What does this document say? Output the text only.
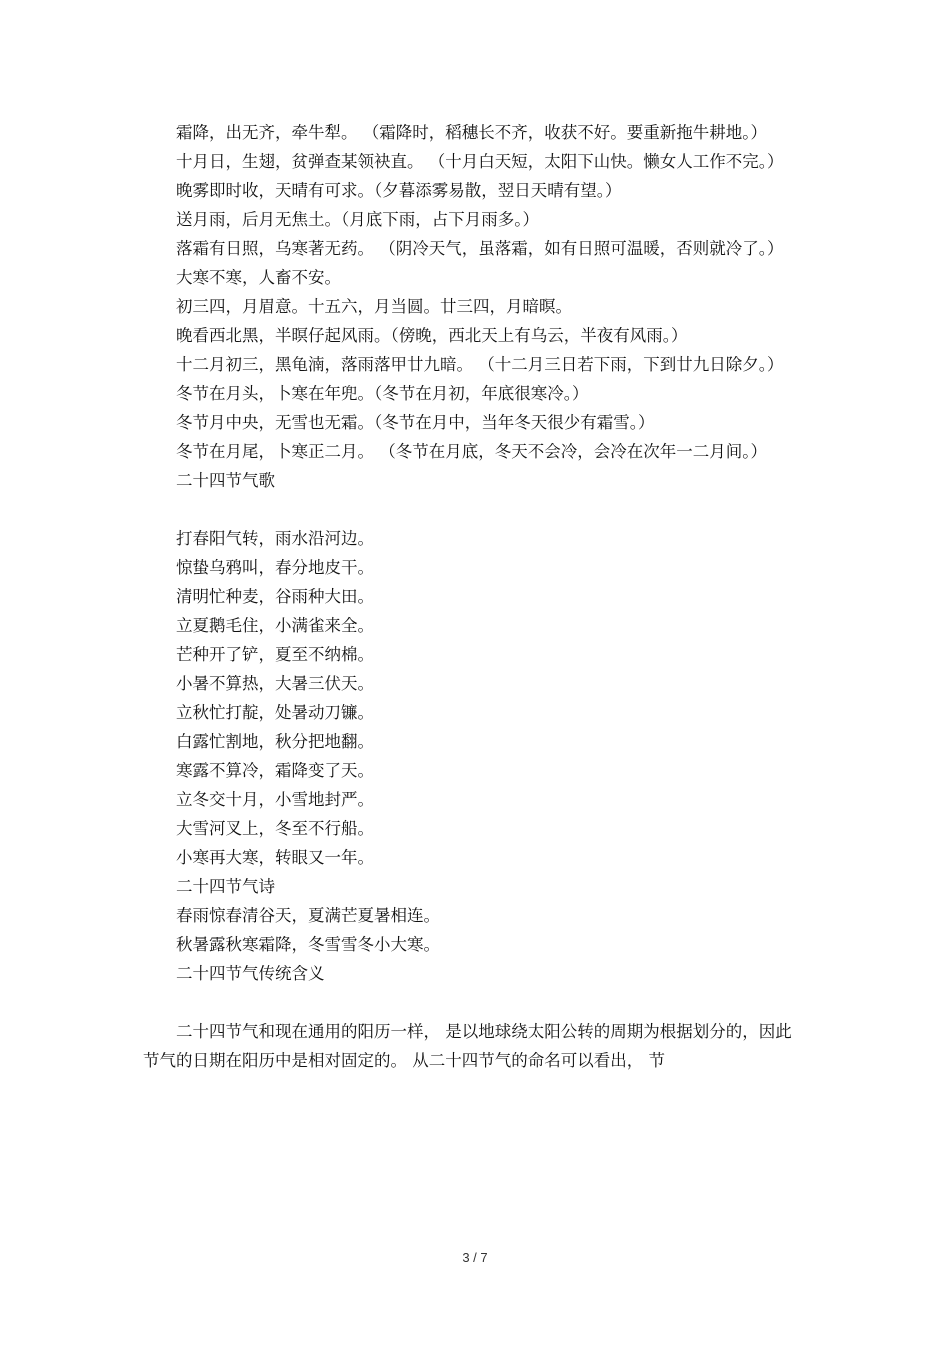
霜降，出无齐，牵牛犁。 （霜降时，稻穗长不齐，收获不好。要重新拖牛耕地。）

十月日，生翅，贫弹查某领袂直。 （十月白天短，太阳下山快。懒女人工作不完。）

晚雾即时收，天晴有可求。（夕暮添雾易散，翌日天晴有望。）

送月雨，后月无焦土。（月底下雨，占下月雨多。）

落霜有日照，乌寒著无药。 （阴冷天气，虽落霜，如有日照可温暖，否则就冷了。）

大寒不寒，人畜不安。

初三四，月眉意。十五六，月当圆。廿三四，月暗暝。

晚看西北黑，半暝仔起风雨。（傍晚，西北天上有乌云，半夜有风雨。）

十二月初三，黑龟湳，落雨落甲廿九暗。 （十二月三日若下雨，下到廿九日除夕。）

冬节在月头，卜寒在年兜。（冬节在月初，年底很寒冷。）

冬节月中央，无雪也无霜。（冬节在月中，当年冬天很少有霜雪。）

冬节在月尾，卜寒正二月。 （冬节在月底，冬天不会冷，会冷在次年一二月间。）

二十四节气歌

打春阳气转，雨水沿河边。

惊蛰乌鸦叫，春分地皮干。

清明忙种麦，谷雨种大田。

立夏鹅毛住，小满雀来全。

芒种开了铲，夏至不纳棉。

小暑不算热，大暑三伏天。

立秋忙打靛，处暑动刀镰。

白露忙割地，秋分把地翻。

寒露不算冷，霜降变了天。

立冬交十月，小雪地封严。

大雪河叉上，冬至不行船。

小寒再大寒，转眼又一年。

二十四节气诗

春雨惊春清谷天，夏满芒夏暑相连。

秋暑露秋寒霜降，冬雪雪冬小大寒。

二十四节气传统含义

二十四节气和现在通用的阳历一样， 是以地球绕太阳公转的周期为根据划分的，因此节气的日期在阳历中是相对固定的。 从二十四节气的命名可以看出， 节

3 / 7
